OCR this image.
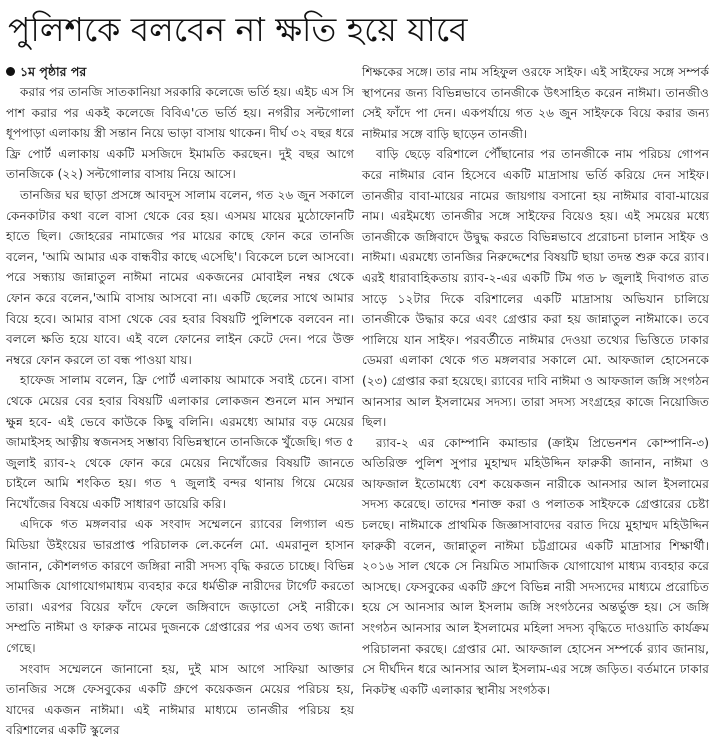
পুলিশকে বলবেন না ক্ষতি হয়ে যাবে
১ম পৃষ্ঠার পর

করার পর তানজি সাতকানিয়া সরকারি কলেজে ভর্তি হয়। এইচ এস সি পাশ করার পর একই কলেজে বিবিএ'তে ভর্তি হয়। নগরীর সল্টগোলা ধূপপাড়া এলাকায় স্ত্রী সন্তান নিয়ে ভাড়া বাসায় থাকেন। দীর্ঘ ৩২ বছর ধরে ফ্রি পোর্ট এলাকায় একটি মসজিদে ইমামতি করছেন। দুই বছর আগে তানজিকে (২২) সল্টগোলার বাসায় নিয়ে আসে।

তানজির ঘর ছাড়া প্রসঙ্গে আবদুস সালাম বলেন, গত ২৬ জুন সকালে কেনকাটার কথা বলে বাসা থেকে বের হয়। এসময় মায়ের মুঠোফোনটি হাতে ছিল। জোহরের নামাজের পর মায়ের কাছে ফোন করে তানজি বলেন, 'আমি আমার এক বান্ধবীর কাছে এসেছি'। বিকেলে চলে আসবো। পরে সন্ধ্যায় জান্নাতুল নাঈমা নামের একজনের মোবাইল নম্বর থেকে ফোন করে বলেন,'আমি বাসায় আসবো না। একটি ছেলের সাথে আমার বিয়ে হবে। আমার বাসা থেকে বের হবার বিষয়টি পুলিশকে বলবেন না। বললে ক্ষতি হয়ে যাবে। এই বলে ফোনের লাইন কেটে দেন। পরে উক্ত নম্বরে ফোন করলে তা বন্ধ পাওয়া যায়।

হাফেজ সালাম বলেন, ফ্রি পোর্ট এলাকায় আমাকে সবাই চেনে। বাসা থেকে মেয়ের বের হবার বিষয়টি এলাকার লোকজন শুনলে মান সম্মান ক্ষুন্ন হবে- এই ভেবে কাউকে কিছু বলিনি। এরমধ্যে আমার বড় মেয়ের জামাইসহ আত্নীয় স্বজনসহ সম্ভাব্য বিভিন্নস্থানে তানজিকে খুঁজেছি। গত ৫ জুলাই র‍্যাব-২ থেকে ফোন করে মেয়ের নিখোঁজের বিষয়টি জানতে চাইলে আমি শংকিত হয়। গত ৭ জুলাই বন্দর থানায় গিয়ে মেয়ের নিখোঁজের বিষয়ে একটি সাধারণ ডায়েরি করি।

এদিকে গত মঙ্গলবার এক সংবাদ সম্মেলনে র‍্যাবের লিগ্যাল এন্ড মিডিয়া উইংয়ের ভারপ্রাপ্ত পরিচালক লে.কর্নেল মো. এমরানুল হাসান জানান, কৌশলগত কারণে জঙ্গিরা নারী সদস্য বৃদ্ধি করতে চাচ্ছে। বিভিন্ন সামাজিক যোগাযোগমাধ্যম ব্যবহার করে ধর্মভীরু নারীদের টার্গেট করতো তারা। এরপর বিয়ের ফাঁদে ফেলে জঙ্গিবাদে জড়াতো সেই নারীকে। সম্প্রতি নাঈমা ও ফারুক নামের দুজনকে গ্রেপ্তারের পর এসব তথ্য জানা গেছে।

সংবাদ সম্মেলনে জানানো হয়, দুই মাস আগে সাফিয়া আক্তার তানজির সঙ্গে ফেসবুকের একটি গ্রুপে কয়েকজন মেয়ের পরিচয় হয়, যাদের একজন নাঈমা। এই নাঈমার মাধ্যমে তানজীর পরিচয় হয় বরিশালের একটি স্কুলের

শিক্ষকের সঙ্গে। তার নাম সহিফুল ওরফে সাইফ। এই সাইফের সঙ্গে সম্পর্ক স্থাপনের জন্য বিভিন্নভাবে তানজীকে উৎসাহিত করেন নাঈমা। তানজীও সেই ফাঁদে পা দেন। একপর্যায়ে গত ২৬ জুন সাইফকে বিয়ে করার জন্য নাঈমার সঙ্গে বাড়ি ছাড়েন তানজী।

বাড়ি ছেড়ে বরিশালে পৌঁছানোর পর তানজীকে নাম পরিচয় গোপন করে নাঈমার বোন হিসেবে একটি মাদ্রাসায় ভর্তি করিয়ে দেন সাইফ। তানজীর বাবা-মায়ের নামের জায়গায় বসানো হয় নাঈমার বাবা-মায়ের নাম। এরইমধ্যে তানজীর সঙ্গে সাইফের বিয়েও হয়। এই সময়ের মধ্যে তানজীকে জঙ্গিবাদে উদ্বুদ্ধ করতে বিভিন্নভাবে প্ররোচনা চালান সাইফ ও নাঈমা। এরমধ্যে তানজির নিরুদ্দেশের বিষয়টি ছায়া তদন্ত শুরু করে র‍্যাব। এরই ধারাবাহিকতায় র‍্যাব-২-এর একটি টিম গত ৮ জুলাই দিবাগত রাত সাড়ে ১২টার দিকে বরিশালের একটি মাদ্রাসায় অভিযান চালিয়ে তানজীকে উদ্ধার করে এবং গ্রেপ্তার করা হয় জান্নাতুল নাঈমাকে। তবে পালিয়ে যান সাইফ। পরবর্তীতে নাঈমার দেওয়া তথ্যের ভিত্তিতে ঢাকার ডেমরা এলাকা থেকে গত মঙ্গলবার সকালে মো. আফজাল হোসেনকে (২৩) গ্রেপ্তার করা হয়েছে। র‍্যাবের দাবি নাঈমা ও আফজাল জঙ্গি সংগঠন আনসার আল ইসলামের সদস্য। তারা সদস্য সংগ্রহের কাজে নিয়োজিত ছিল।

র‍্যাব-২ এর কোম্পানি কমান্ডার (ক্রাইম প্রিভেনশন কোম্পানি-৩) অতিরিক্ত পুলিশ সুপার মুহাম্মদ মহিউদ্দিন ফারুকী জানান, নাঈমা ও আফজাল ইতোমধ্যে বেশ কয়েকজন নারীকে আনসার আল ইসলামের সদস্য করেছে। তাদের শনাক্ত করা ও পলাতক সাইফকে গ্রেপ্তারের চেষ্টা চলছে। নাঈমাকে প্রাথমিক জিজ্ঞাসাবাদের বরাত দিয়ে মুহাম্মদ মহিউদ্দিন ফারুকী বলেন, জান্নাতুল নাঈমা চট্টগ্রামের একটি মাদ্রাসার শিক্ষার্থী। ২০১৬ সাল থেকে সে নিয়মিত সামাজিক যোগাযোগ মাধ্যম ব্যবহার করে আসছে। ফেসবুকের একটি গ্রুপে বিভিন্ন নারী সদস্যদের মাধ্যমে প্ররোচিত হয়ে সে আনসার আল ইসলাম জঙ্গি সংগঠনের অন্তর্ভুক্ত হয়। সে জঙ্গি সংগঠন আনসার আল ইসলামের মহিলা সদস্য বৃদ্ধিতে দাওয়াতি কার্যক্রম পরিচালনা করছে। গ্রেপ্তার মো. আফজাল হোসেন সম্পর্কে র‍্যাব জানায়, সে দীর্ঘদিন ধরে আনসার আল ইসলাম-এর সঙ্গে জড়িত। বর্তমানে ঢাকার নিকটস্থ একটি এলাকার স্থানীয় সংগঠক।
